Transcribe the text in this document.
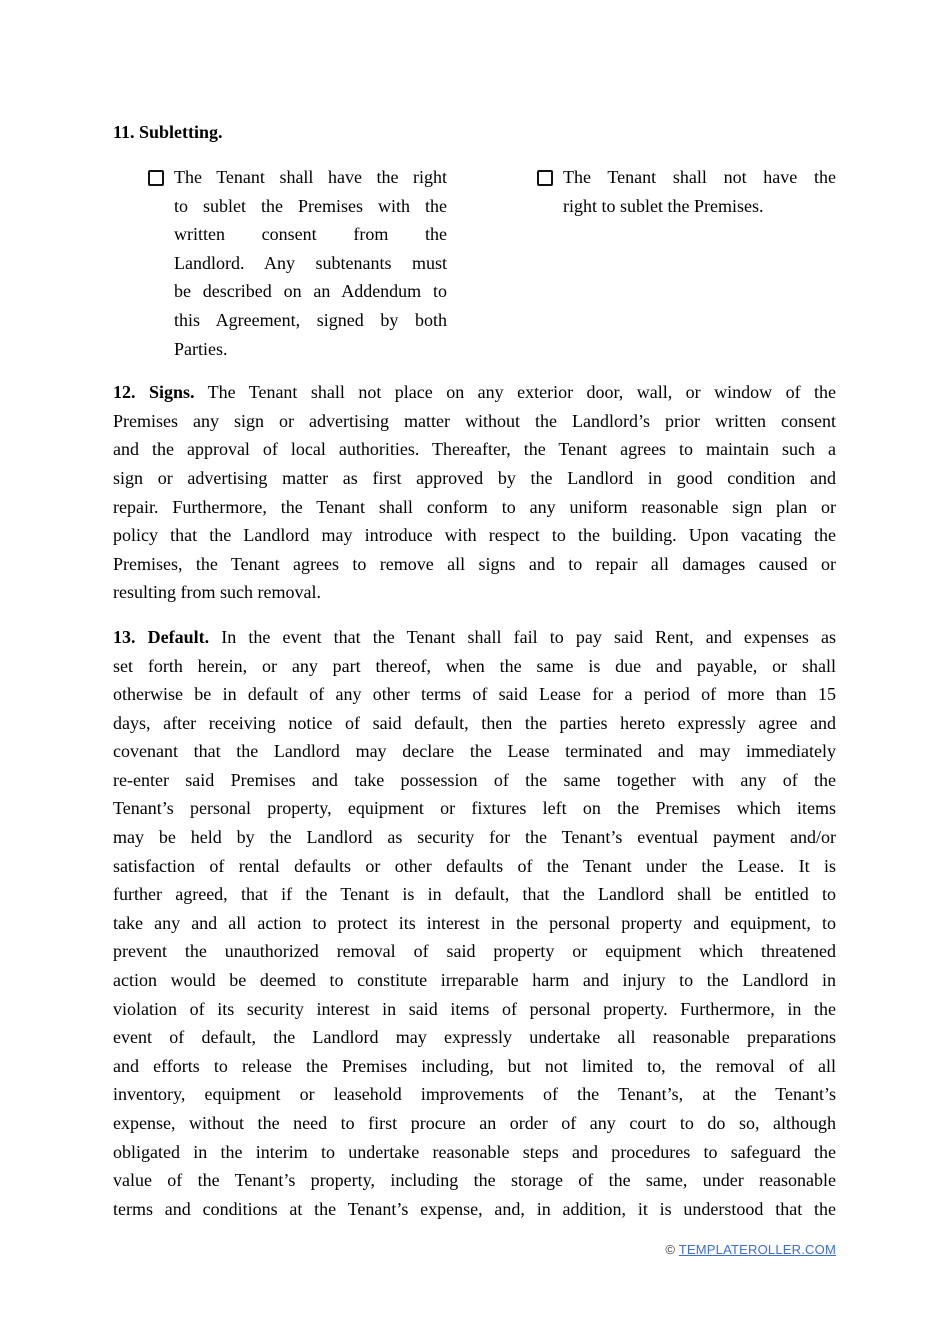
11. Subletting.
The Tenant shall have the right
to sublet the Premises with the
written consent from the
Landlord. Any subtenants must
be described on an Addendum to
this Agreement, signed by both
Parties.
The Tenant shall not have the
right to sublet the Premises.
12. Signs. The Tenant shall not place on any exterior door, wall, or window of the
Premises any sign or advertising matter without the Landlord’s prior written consent
and the approval of local authorities. Thereafter, the Tenant agrees to maintain such a
sign or advertising matter as first approved by the Landlord in good condition and
repair. Furthermore, the Tenant shall conform to any uniform reasonable sign plan or
policy that the Landlord may introduce with respect to the building. Upon vacating the
Premises, the Tenant agrees to remove all signs and to repair all damages caused or
resulting from such removal.
13. Default. In the event that the Tenant shall fail to pay said Rent, and expenses as
set forth herein, or any part thereof, when the same is due and payable, or shall
otherwise be in default of any other terms of said Lease for a period of more than 15
days, after receiving notice of said default, then the parties hereto expressly agree and
covenant that the Landlord may declare the Lease terminated and may immediately
re-enter said Premises and take possession of the same together with any of the
Tenant’s personal property, equipment or fixtures left on the Premises which items
may be held by the Landlord as security for the Tenant’s eventual payment and/or
satisfaction of rental defaults or other defaults of the Tenant under the Lease. It is
further agreed, that if the Tenant is in default, that the Landlord shall be entitled to
take any and all action to protect its interest in the personal property and equipment, to
prevent the unauthorized removal of said property or equipment which threatened
action would be deemed to constitute irreparable harm and injury to the Landlord in
violation of its security interest in said items of personal property. Furthermore, in the
event of default, the Landlord may expressly undertake all reasonable preparations
and efforts to release the Premises including, but not limited to, the removal of all
inventory, equipment or leasehold improvements of the Tenant’s, at the Tenant’s
expense, without the need to first procure an order of any court to do so, although
obligated in the interim to undertake reasonable steps and procedures to safeguard the
value of the Tenant’s property, including the storage of the same, under reasonable
terms and conditions at the Tenant’s expense, and, in addition, it is understood that the
© TEMPLATEROLLER.COM
